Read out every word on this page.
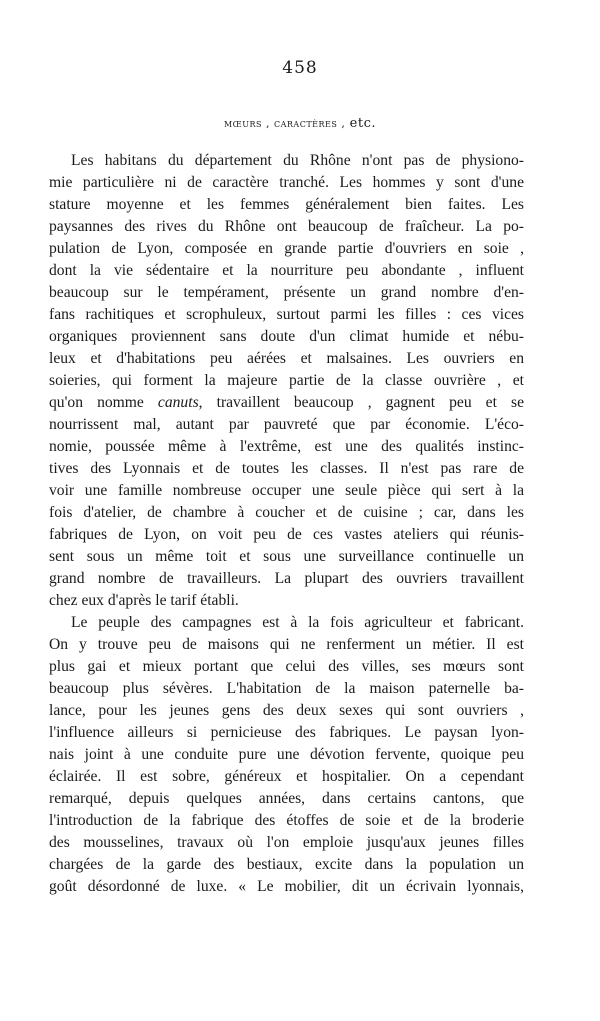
458
mœurs , caractères , etc.
Les habitans du département du Rhône n'ont pas de physiono-
mie particulière ni de caractère tranché. Les hommes y sont d'une
stature moyenne et les femmes généralement bien faites. Les
paysannes des rives du Rhône ont beaucoup de fraîcheur. La po-
pulation de Lyon, composée en grande partie d'ouvriers en soie ,
dont la vie sédentaire et la nourriture peu abondante , influent
beaucoup sur le tempérament, présente un grand nombre d'en-
fans rachitiques et scrophuleux, surtout parmi les filles : ces vices
organiques proviennent sans doute d'un climat humide et nébu-
leux et d'habitations peu aérées et malsaines. Les ouvriers en
soieries, qui forment la majeure partie de la classe ouvrière , et
qu'on nomme canuts, travaillent beaucoup , gagnent peu et se
nourrissent mal, autant par pauvreté que par économie. L'éco-
nomie, poussée même à l'extrême, est une des qualités instinc-
tives des Lyonnais et de toutes les classes. Il n'est pas rare de
voir une famille nombreuse occuper une seule pièce qui sert à la
fois d'atelier, de chambre à coucher et de cuisine ; car, dans les
fabriques de Lyon, on voit peu de ces vastes ateliers qui réunis-
sent sous un même toit et sous une surveillance continuelle un
grand nombre de travailleurs. La plupart des ouvriers travaillent
chez eux d'après le tarif établi.
Le peuple des campagnes est à la fois agriculteur et fabricant.
On y trouve peu de maisons qui ne renferment un métier. Il est
plus gai et mieux portant que celui des villes, ses mœurs sont
beaucoup plus sévères. L'habitation de la maison paternelle ba-
lance, pour les jeunes gens des deux sexes qui sont ouvriers ,
l'influence ailleurs si pernicieuse des fabriques. Le paysan lyon-
nais joint à une conduite pure une dévotion fervente, quoique peu
éclairée. Il est sobre, généreux et hospitalier. On a cependant
remarqué, depuis quelques années, dans certains cantons, que
l'introduction de la fabrique des étoffes de soie et de la broderie
des mousselines, travaux où l'on emploie jusqu'aux jeunes filles
chargées de la garde des bestiaux, excite dans la population un
goût désordonné de luxe. « Le mobilier, dit un écrivain lyonnais,
